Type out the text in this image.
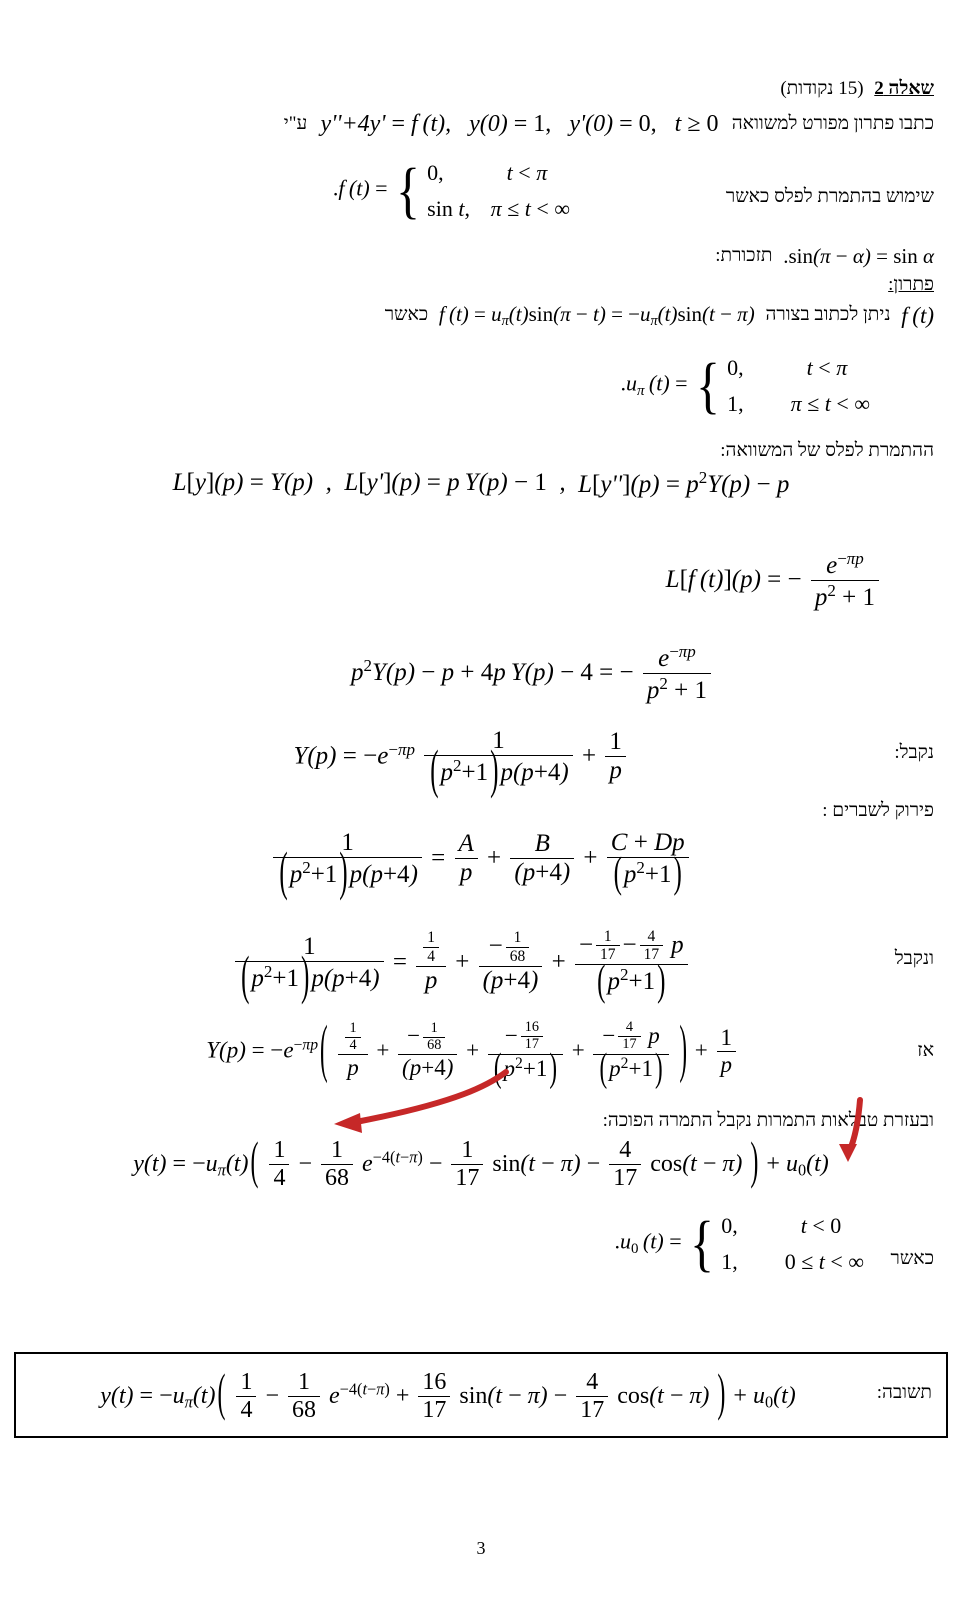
שאלה 2 (15 נקודות)
כתבו פתרון מפורט למשוואה y''+4y' = f (t),   y(0) = 1,   y'(0) = 0,   t ≥ 0 ע"י
שימוש בהתמרת לפלס כאשר
.f (t) = { 0,	t < π
sin t, π ≤ t < ∞
.sin(π − α) = sin α תזכורת:
פתרון:
f (t) ניתן לכתוב בצורה f $(t) = u_\pi(t)\sin(\pi - t) = -u_\pi(t)\sin(t - \pi)$ כאשר
$.u_\pi$ (t) = { 0,	t < π
1, π ≤ t < ∞
ההתמרת לפלס של המשוואה:
$L[y''](p) = p^2Y(p) - p$  ,  L[y'](p) = p Y(p) − 1  ,  L[y](p) = Y(p)
L[f (t)](p) = − $\frac{e^{-\pi p}}{p^2 + 1}$
$p^2Y(p) - p + 4p$ Y(p) − 4 = − $\frac{e^{-\pi p}}{p^2 + 1}$
נקבל:
$Y(p) = -e^{-\pi p} \frac{1}{(p^2+1)p(p+4)} + \frac{1}{p}$
פירוק לשברים :
$\frac{1}{(p^2+1)p(p+4)} = \frac{A}{p} + \frac{B}{(p+4)} + \frac{C + Dp}{(p^2+1)}$
ונקבל
$\frac{1}{(p^2+1)p(p+4)} = \frac{\frac{1}{4}}{p} + \frac{- \frac{1}{68}}{(p+4)} + \frac{- \frac{1}{17} - \frac{4}{17} p}{(p^2+1)}$
אז
$Y(p) = -e^{-\pi p}( \frac{\frac{1}{4}}{p} + \frac{- \frac{1}{68}}{(p+4)} + \frac{- \frac{16}{17}}{(p^2+1)} + \frac{- \frac{4}{17} p}{(p^2+1)}$ ) + $\frac{1}{p}$
ובעזרת טבלאות התמרות נקבל התמרה הפוכה:
$y(t) = -u_\pi(t)( \frac{1}{4} - \frac{1}{68} e^{-4(t-\pi)} - \frac{1}{17} \sin(t - \pi) - \frac{4}{17} \cos(t - \pi)$ ) + $u_0(t)$
כאשר
$.u_0$ (t) = { 0,	t < 0
1, 0 ≤ t < ∞
תשובה:
$y(t) = -u_\pi(t)( \frac{1}{4} - \frac{1}{68} e^{-4(t-\pi)} + \frac{16}{17} \sin(t - \pi) - \frac{4}{17} \cos(t - \pi)$ ) + $u_0(t)$
3
